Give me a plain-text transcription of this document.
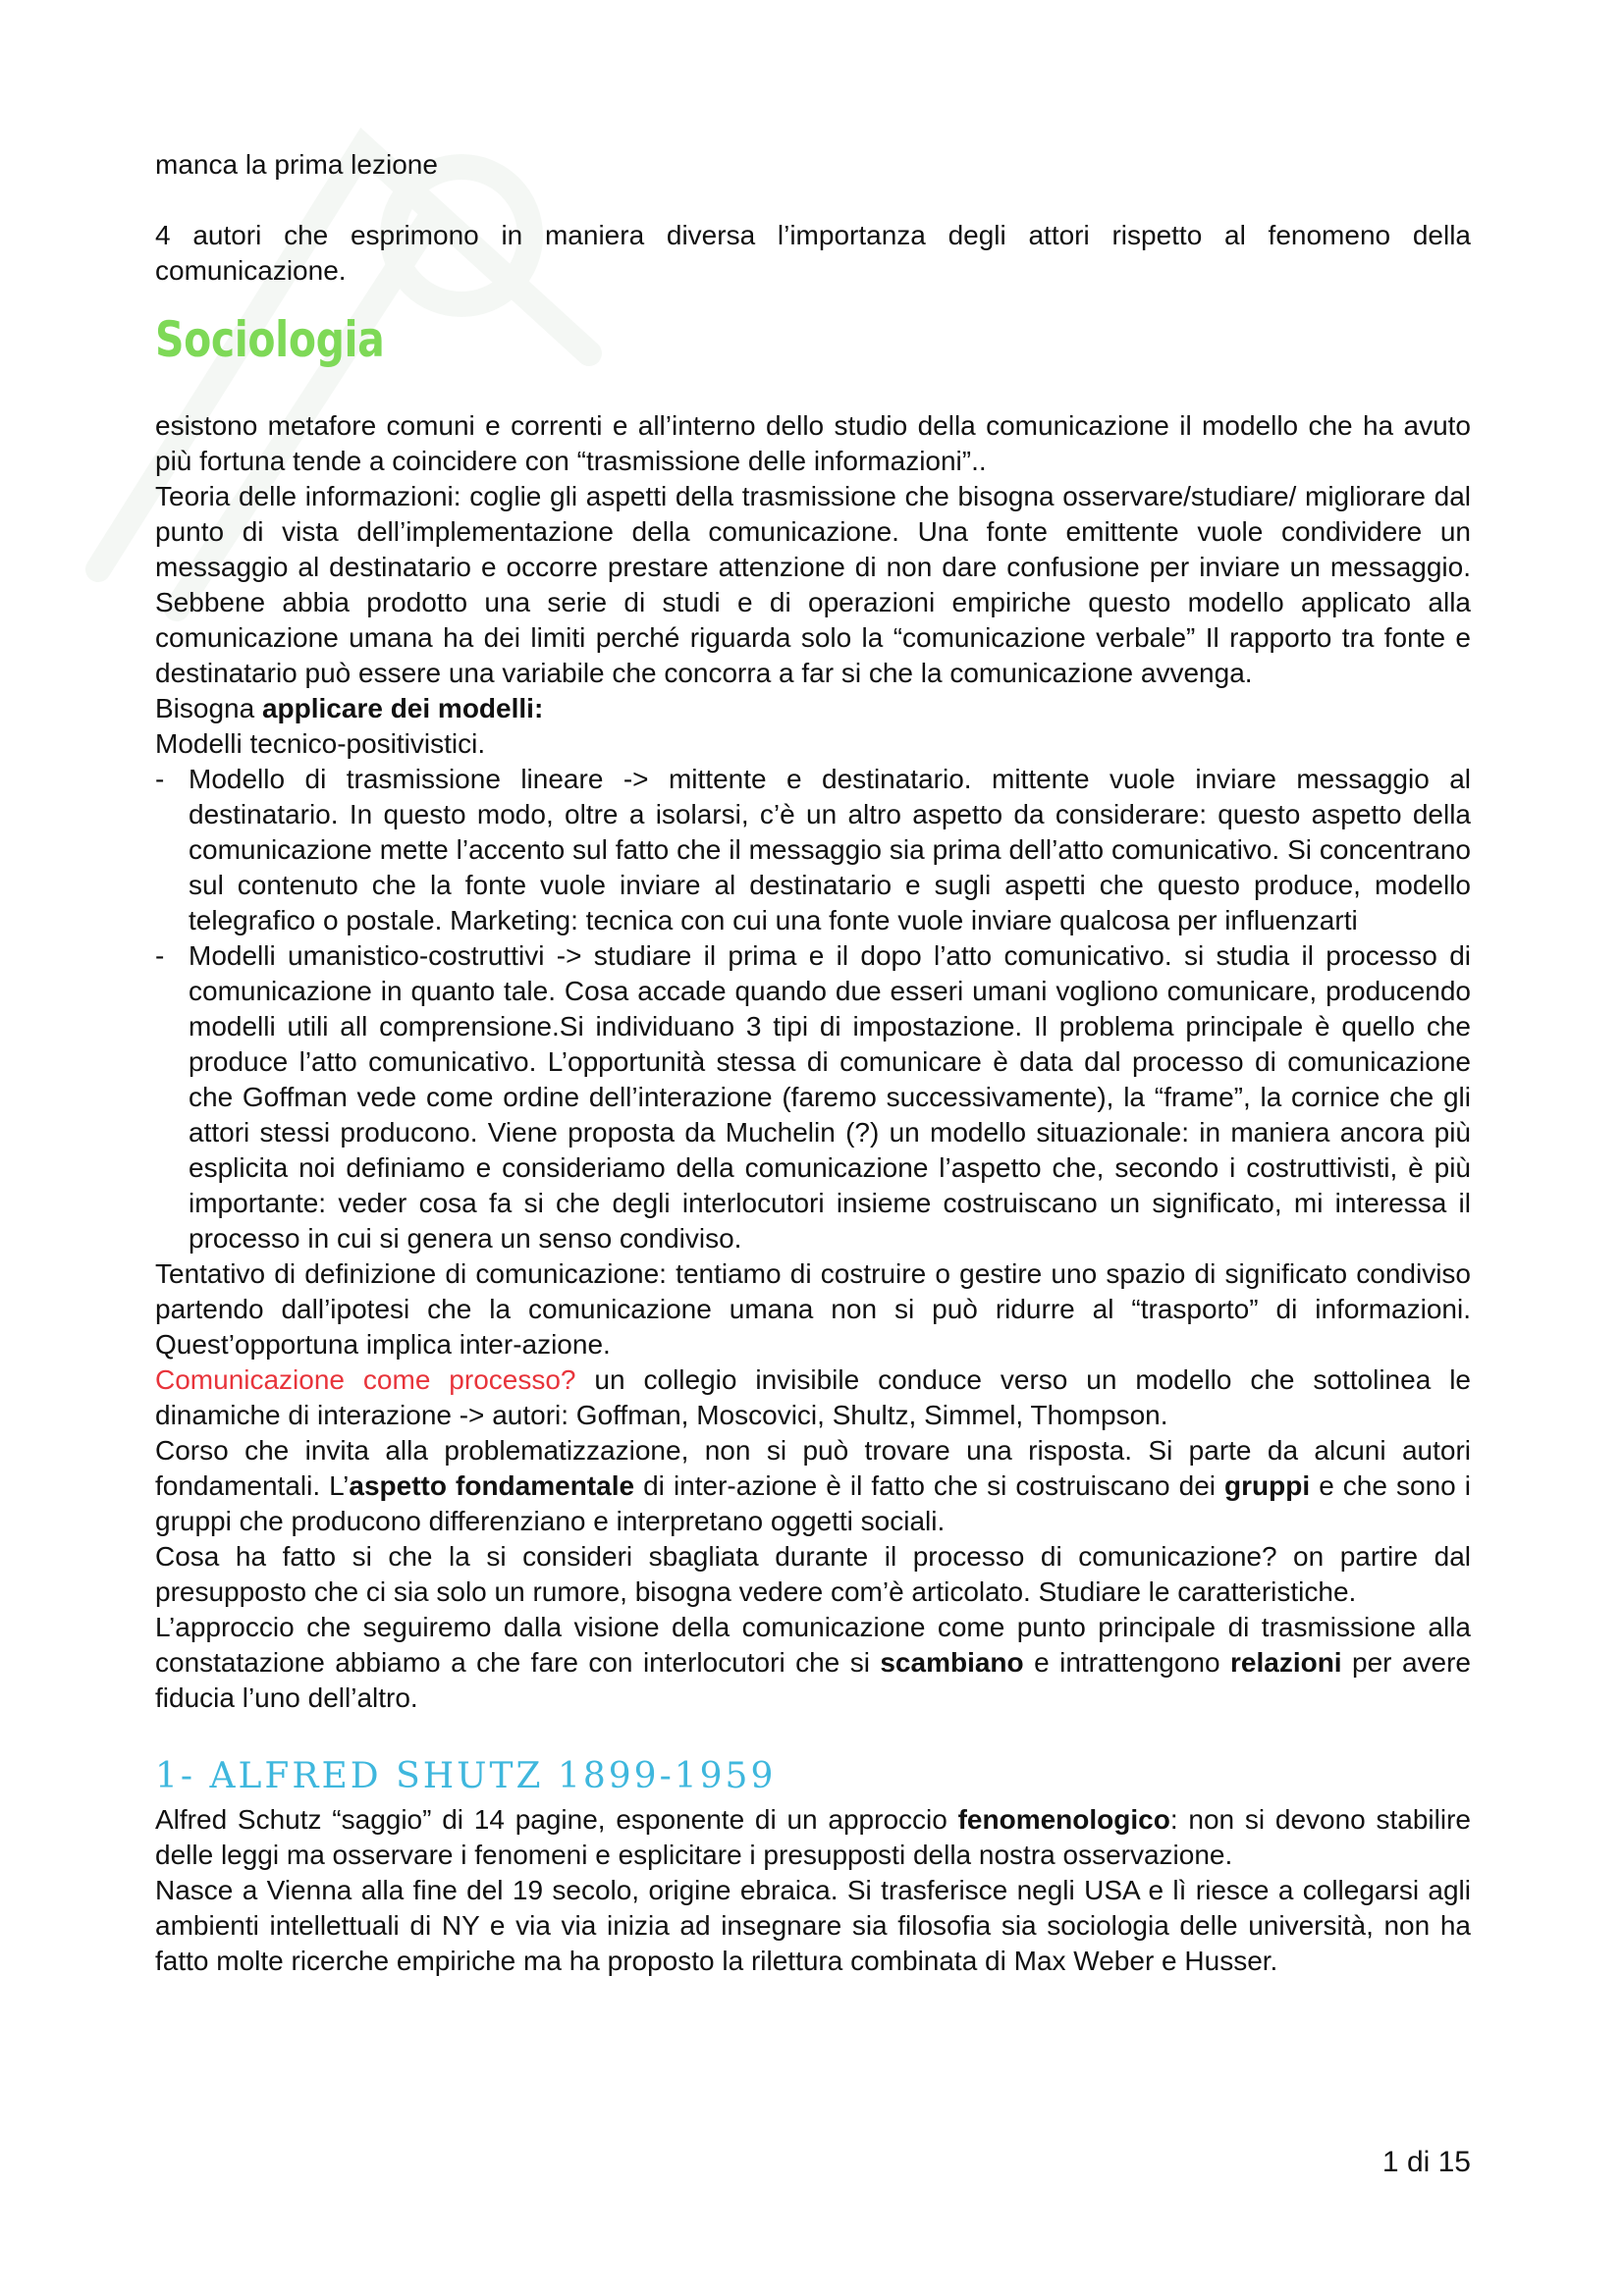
manca la prima lezione

4 autori che esprimono in maniera diversa l’importanza degli attori rispetto al fenomeno della comunicazione.

Sociologia

esistono metafore comuni e correnti e all’interno dello studio della comunicazione il modello che ha avuto più fortuna tende a coincidere con “trasmissione delle informazioni”..

Teoria delle informazioni: coglie gli aspetti della trasmissione che bisogna osservare/studiare/ migliorare dal punto di vista dell’implementazione della comunicazione. Una fonte emittente vuole condividere un messaggio al destinatario e occorre prestare attenzione di non dare confusione per inviare un messaggio. Sebbene abbia prodotto una serie di studi e di operazioni empiriche questo modello applicato alla comunicazione umana ha dei limiti perché riguarda solo la “comunicazione verbale” Il rapporto tra fonte e destinatario può essere una variabile che concorra a far si che la comunicazione avvenga.

Bisogna applicare dei modelli:

Modelli tecnico-positivistici.

- Modello di trasmissione lineare -> mittente e destinatario. mittente vuole inviare messaggio al destinatario. In questo modo, oltre a isolarsi, c’è un altro aspetto da considerare: questo aspetto della comunicazione mette l’accento sul fatto che il messaggio sia prima dell’atto comunicativo. Si concentrano sul contenuto che la fonte vuole inviare al destinatario e sugli aspetti che questo produce, modello telegrafico o postale. Marketing: tecnica con cui una fonte vuole inviare qualcosa per influenzarti
- Modelli umanistico-costruttivi -> studiare il prima e il dopo l’atto comunicativo. si studia il processo di comunicazione in quanto tale. Cosa accade quando due esseri umani vogliono comunicare, producendo modelli utili all comprensione.Si individuano 3 tipi di impostazione. Il problema principale è quello che produce l’atto comunicativo. L’opportunità stessa di comunicare è data dal processo di comunicazione che Goffman vede come ordine dell’interazione (faremo successivamente), la “frame”, la cornice che gli attori stessi producono. Viene proposta da Muchelin (?) un modello situazionale: in maniera ancora più esplicita noi definiamo e consideriamo della comunicazione l’aspetto che, secondo i costruttivisti, è più importante: veder cosa fa si che degli interlocutori insieme costruiscano un significato, mi interessa il processo in cui si genera un senso condiviso.

Tentativo di definizione di comunicazione: tentiamo di costruire o gestire uno spazio di significato condiviso partendo dall’ipotesi che la comunicazione umana non si può ridurre al “trasporto” di informazioni. Quest’opportuna implica inter-azione.

Comunicazione come processo? un collegio invisibile conduce verso un modello che sottolinea le dinamiche di interazione -> autori: Goffman, Moscovici, Shultz, Simmel, Thompson.

Corso che invita alla problematizzazione, non si può trovare una risposta. Si parte da alcuni autori fondamentali. L’aspetto fondamentale di inter-azione è il fatto che si costruiscano dei gruppi e che sono i gruppi che producono differenziano e interpretano oggetti sociali.

Cosa ha fatto si che la si consideri sbagliata durante il processo di comunicazione? on partire dal presupposto che ci sia solo un rumore, bisogna vedere com’è articolato. Studiare le caratteristiche.

L’approccio che seguiremo dalla visione della comunicazione come punto principale di trasmissione alla constatazione abbiamo a che fare con interlocutori che si scambiano e intrattengono relazioni per avere fiducia l’uno dell’altro.

1- ALFRED SHUTZ 1899-1959

Alfred Schutz “saggio” di 14 pagine, esponente di un approccio fenomenologico: non si devono stabilire delle leggi ma osservare i fenomeni e esplicitare i presupposti della nostra osservazione.

Nasce a Vienna alla fine del 19 secolo, origine ebraica. Si trasferisce negli USA e lì riesce a collegarsi agli ambienti intellettuali di NY e via via inizia ad insegnare sia filosofia sia sociologia delle università, non ha fatto molte ricerche empiriche ma ha proposto la rilettura combinata di Max Weber e Husser.

1 di 15
